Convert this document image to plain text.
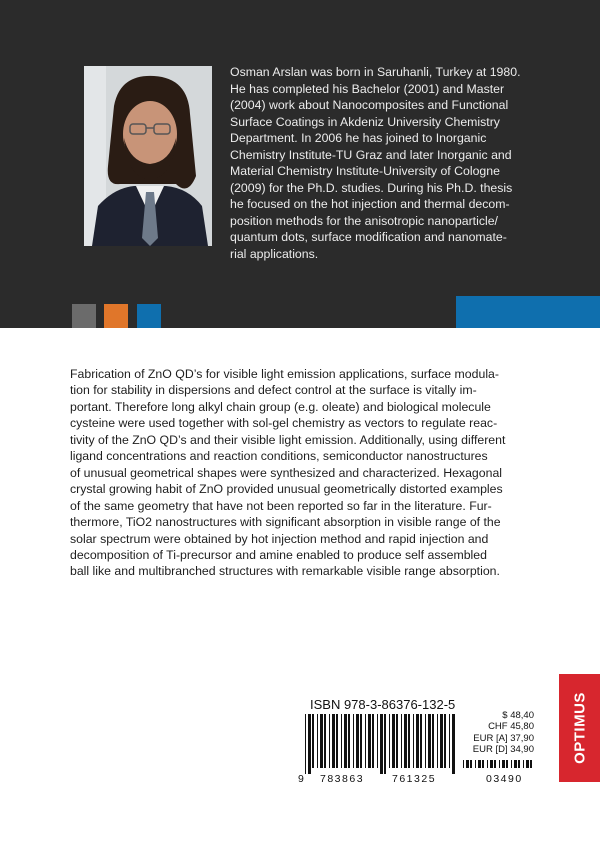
Osman Arslan was born in Saruhanli, Turkey at 1980.
He has completed his Bachelor (2001) and Master
(2004) work about Nanocomposites and Functional
Surface Coatings in Akdeniz University Chemistry
Department. In 2006 he has joined to Inorganic
Chemistry Institute-TU Graz and later Inorganic and
Material Chemistry Institute-University of Cologne
(2009) for the Ph.D. studies. During his Ph.D. thesis
he focused on the hot injection and thermal decom-
position methods for the anisotropic nanoparticle/
quantum dots, surface modification and nanomate-
rial applications.
Fabrication of ZnO QD’s for visible light emission applications, surface modula-
tion for stability in dispersions and defect control at the surface is vitally im-
portant. Therefore long alkyl chain group (e.g. oleate) and biological molecule
cysteine were used together with sol-gel chemistry as vectors to regulate reac-
tivity of the ZnO QD’s and their visible light emission. Additionally, using different
ligand concentrations and reaction conditions, semiconductor nanostructures
of unusual geometrical shapes were synthesized and characterized. Hexagonal
crystal growing habit of ZnO provided unusual geometrically distorted examples
of the same geometry that have not been reported so far in the literature. Fur-
thermore, TiO2 nanostructures with significant absorption in visible range of the
solar spectrum were obtained by hot injection method and rapid injection and
decomposition of Ti-precursor and amine enabled to produce self assembled
ball like and multibranched structures with remarkable visible range absorption.
ISBN 978-3-86376-132-5
9 783863	761325	03490
$ 48,40
CHF 45,80
EUR [A] 37,90
EUR [D] 34,90 OPTIMUS
